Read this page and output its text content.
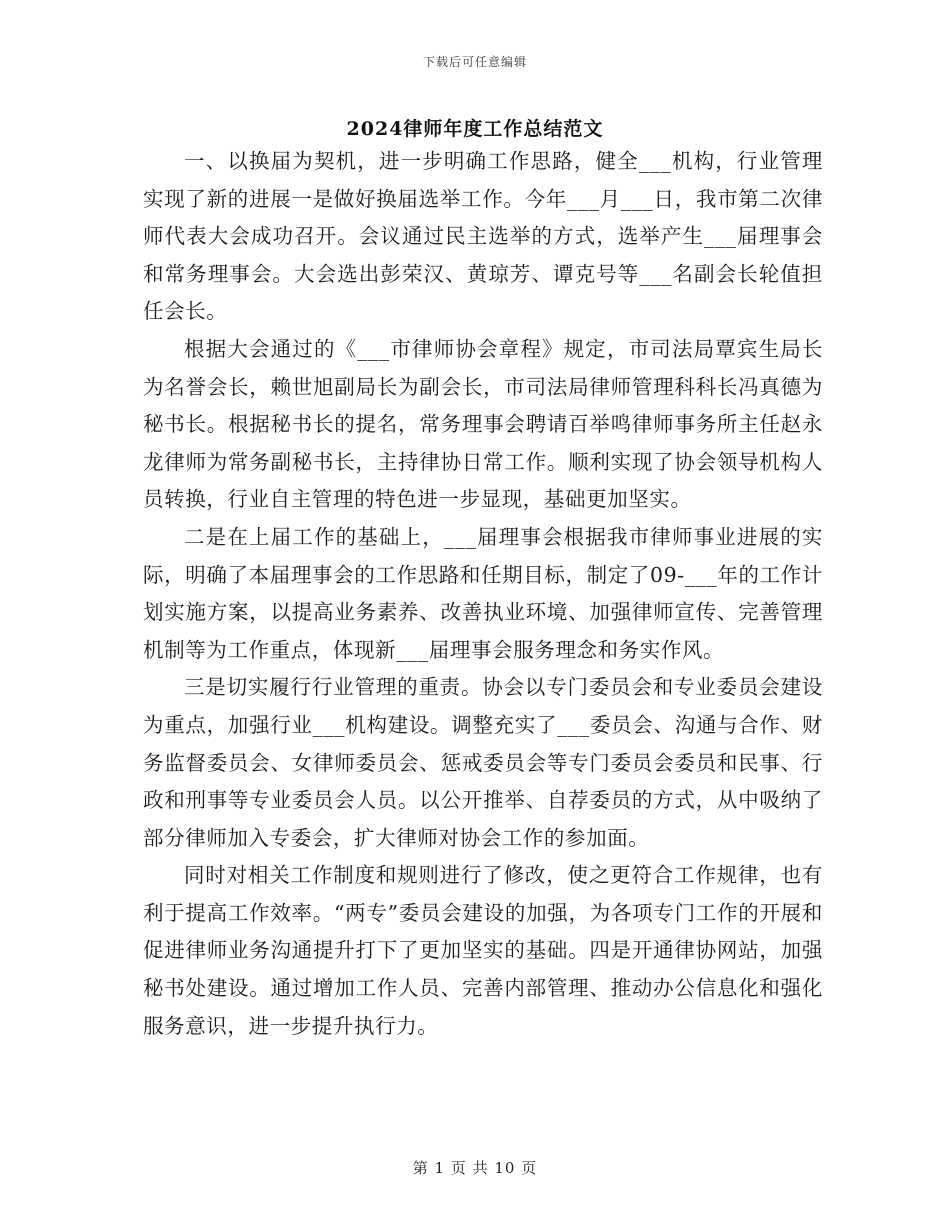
下载后可任意编辑
2024律师年度工作总结范文

一、以换届为契机，进一步明确工作思路，健全___机构，行业管理实现了新的进展一是做好换届选举工作。今年___月___日，我市第二次律师代表大会成功召开。会议通过民主选举的方式，选举产生___届理事会和常务理事会。大会选出彭荣汉、黄琼芳、谭克号等___名副会长轮值担任会长。

根据大会通过的《___市律师协会章程》规定，市司法局覃宾生局长为名誉会长，赖世旭副局长为副会长，市司法局律师管理科科长冯真德为秘书长。根据秘书长的提名，常务理事会聘请百举鸣律师事务所主任赵永龙律师为常务副秘书长，主持律协日常工作。顺利实现了协会领导机构人员转换，行业自主管理的特色进一步显现，基础更加坚实。

二是在上届工作的基础上，___届理事会根据我市律师事业进展的实际，明确了本届理事会的工作思路和任期目标，制定了09-___年的工作计划实施方案，以提高业务素养、改善执业环境、加强律师宣传、完善管理机制等为工作重点，体现新___届理事会服务理念和务实作风。

三是切实履行行业管理的重责。协会以专门委员会和专业委员会建设为重点，加强行业___机构建设。调整充实了___委员会、沟通与合作、财务监督委员会、女律师委员会、惩戒委员会等专门委员会委员和民事、行政和刑事等专业委员会人员。以公开推举、自荐委员的方式，从中吸纳了部分律师加入专委会，扩大律师对协会工作的参加面。

同时对相关工作制度和规则进行了修改，使之更符合工作规律，也有利于提高工作效率。“两专”委员会建设的加强，为各项专门工作的开展和促进律师业务沟通提升打下了更加坚实的基础。四是开通律协网站，加强秘书处建设。通过增加工作人员、完善内部管理、推动办公信息化和强化服务意识，进一步提升执行力。

第 1 页 共 10 页
